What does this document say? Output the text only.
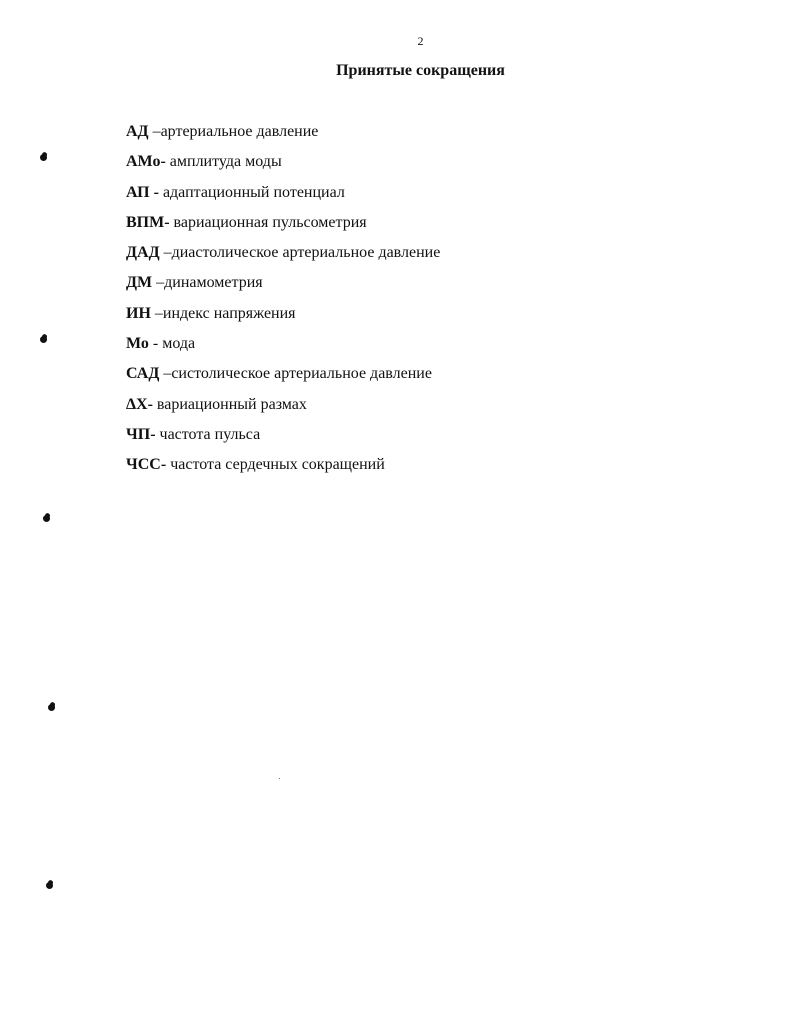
2
Принятые сокращения
АД –артериальное давление
АМо- амплитуда моды
АП - адаптационный потенциал
ВПМ- вариационная пульсометрия
ДАД –диастолическое артериальное давление
ДМ –динамометрия
ИН –индекс напряжения
Мо - мода
САД –систолическое артериальное давление
ΔХ- вариационный размах
ЧП- частота пульса
ЧСС- частота сердечных сокращений
